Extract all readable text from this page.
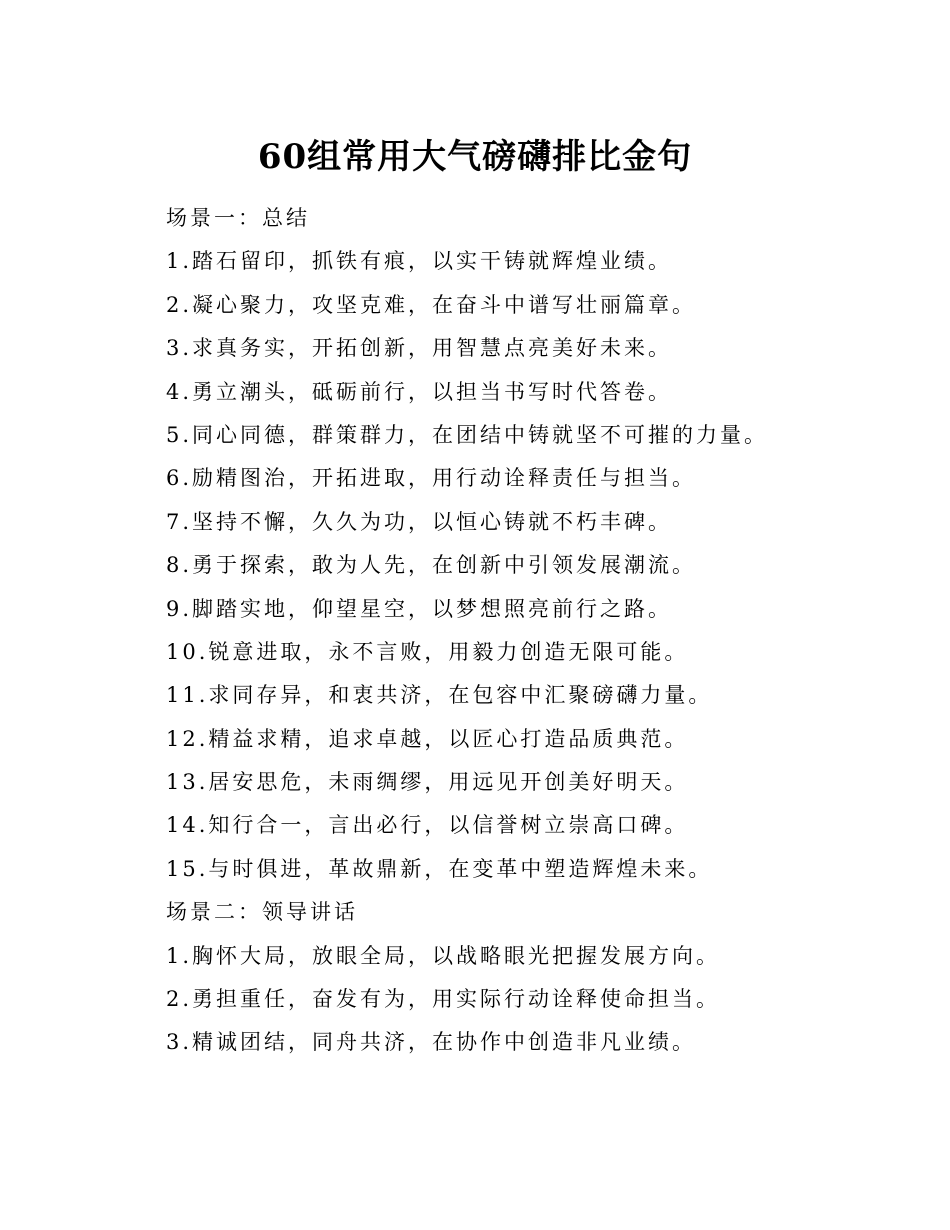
60组常用大气磅礴排比金句
场景一：总结
1.踏石留印，抓铁有痕，以实干铸就辉煌业绩。
2.凝心聚力，攻坚克难，在奋斗中谱写壮丽篇章。
3.求真务实，开拓创新，用智慧点亮美好未来。
4.勇立潮头，砥砺前行，以担当书写时代答卷。
5.同心同德，群策群力，在团结中铸就坚不可摧的力量。
6.励精图治，开拓进取，用行动诠释责任与担当。
7.坚持不懈，久久为功，以恒心铸就不朽丰碑。
8.勇于探索，敢为人先，在创新中引领发展潮流。
9.脚踏实地，仰望星空，以梦想照亮前行之路。
10.锐意进取，永不言败，用毅力创造无限可能。
11.求同存异，和衷共济，在包容中汇聚磅礴力量。
12.精益求精，追求卓越，以匠心打造品质典范。
13.居安思危，未雨绸缪，用远见开创美好明天。
14.知行合一，言出必行，以信誉树立崇高口碑。
15.与时俱进，革故鼎新，在变革中塑造辉煌未来。
场景二：领导讲话
1.胸怀大局，放眼全局，以战略眼光把握发展方向。
2.勇担重任，奋发有为，用实际行动诠释使命担当。
3.精诚团结，同舟共济，在协作中创造非凡业绩。
